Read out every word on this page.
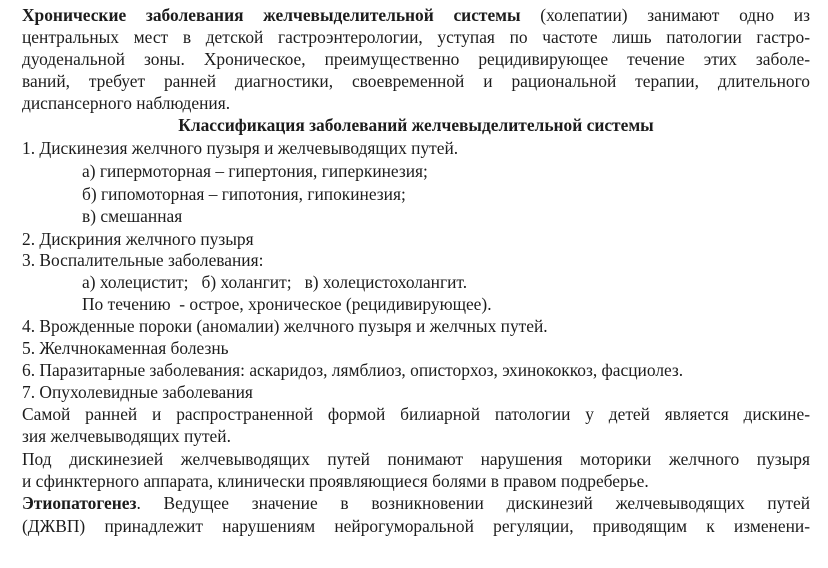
Хронические заболевания желчевыделительной системы (холепатии) занимают одно из
центральных мест в детской гастроэнтерологии, уступая по частоте лишь патологии гастро-
дуоденальной зоны. Хроническое, преимущественно рецидивирующее течение этих заболе-
ваний, требует ранней диагностики, своевременной и рациональной терапии, длительного
диспансерного наблюдения.
Классификация заболеваний желчевыделительной системы
1. Дискинезия желчного пузыря и желчевыводящих путей.
а) гипермоторная – гипертония, гиперкинезия;
б) гипомоторная – гипотония, гипокинезия;
в) смешанная
2. Дискриния желчного пузыря
3. Воспалительные заболевания:
а) холецистит;   б) холангит;   в) холецистохолангит.
По течению  - острое, хроническое (рецидивирующее).
4. Врожденные пороки (аномалии) желчного пузыря и желчных путей.
5. Желчнокаменная болезнь
6. Паразитарные заболевания: аскаридоз, лямблиоз, описторхоз, эхинококкоз, фасциолез.
7. Опухолевидные заболевания
Самой ранней и распространенной формой билиарной патологии у детей является дискине-
зия желчевыводящих путей.
Под дискинезией желчевыводящих путей понимают нарушения моторики желчного пузыря
и сфинктерного аппарата, клинически проявляющиеся болями в правом подреберье.
Этиопатогенез. Ведущее значение в возникновении дискинезий желчевыводящих путей
(ДЖВП) принадлежит нарушениям нейрогуморальной регуляции, приводящим к изменени-
